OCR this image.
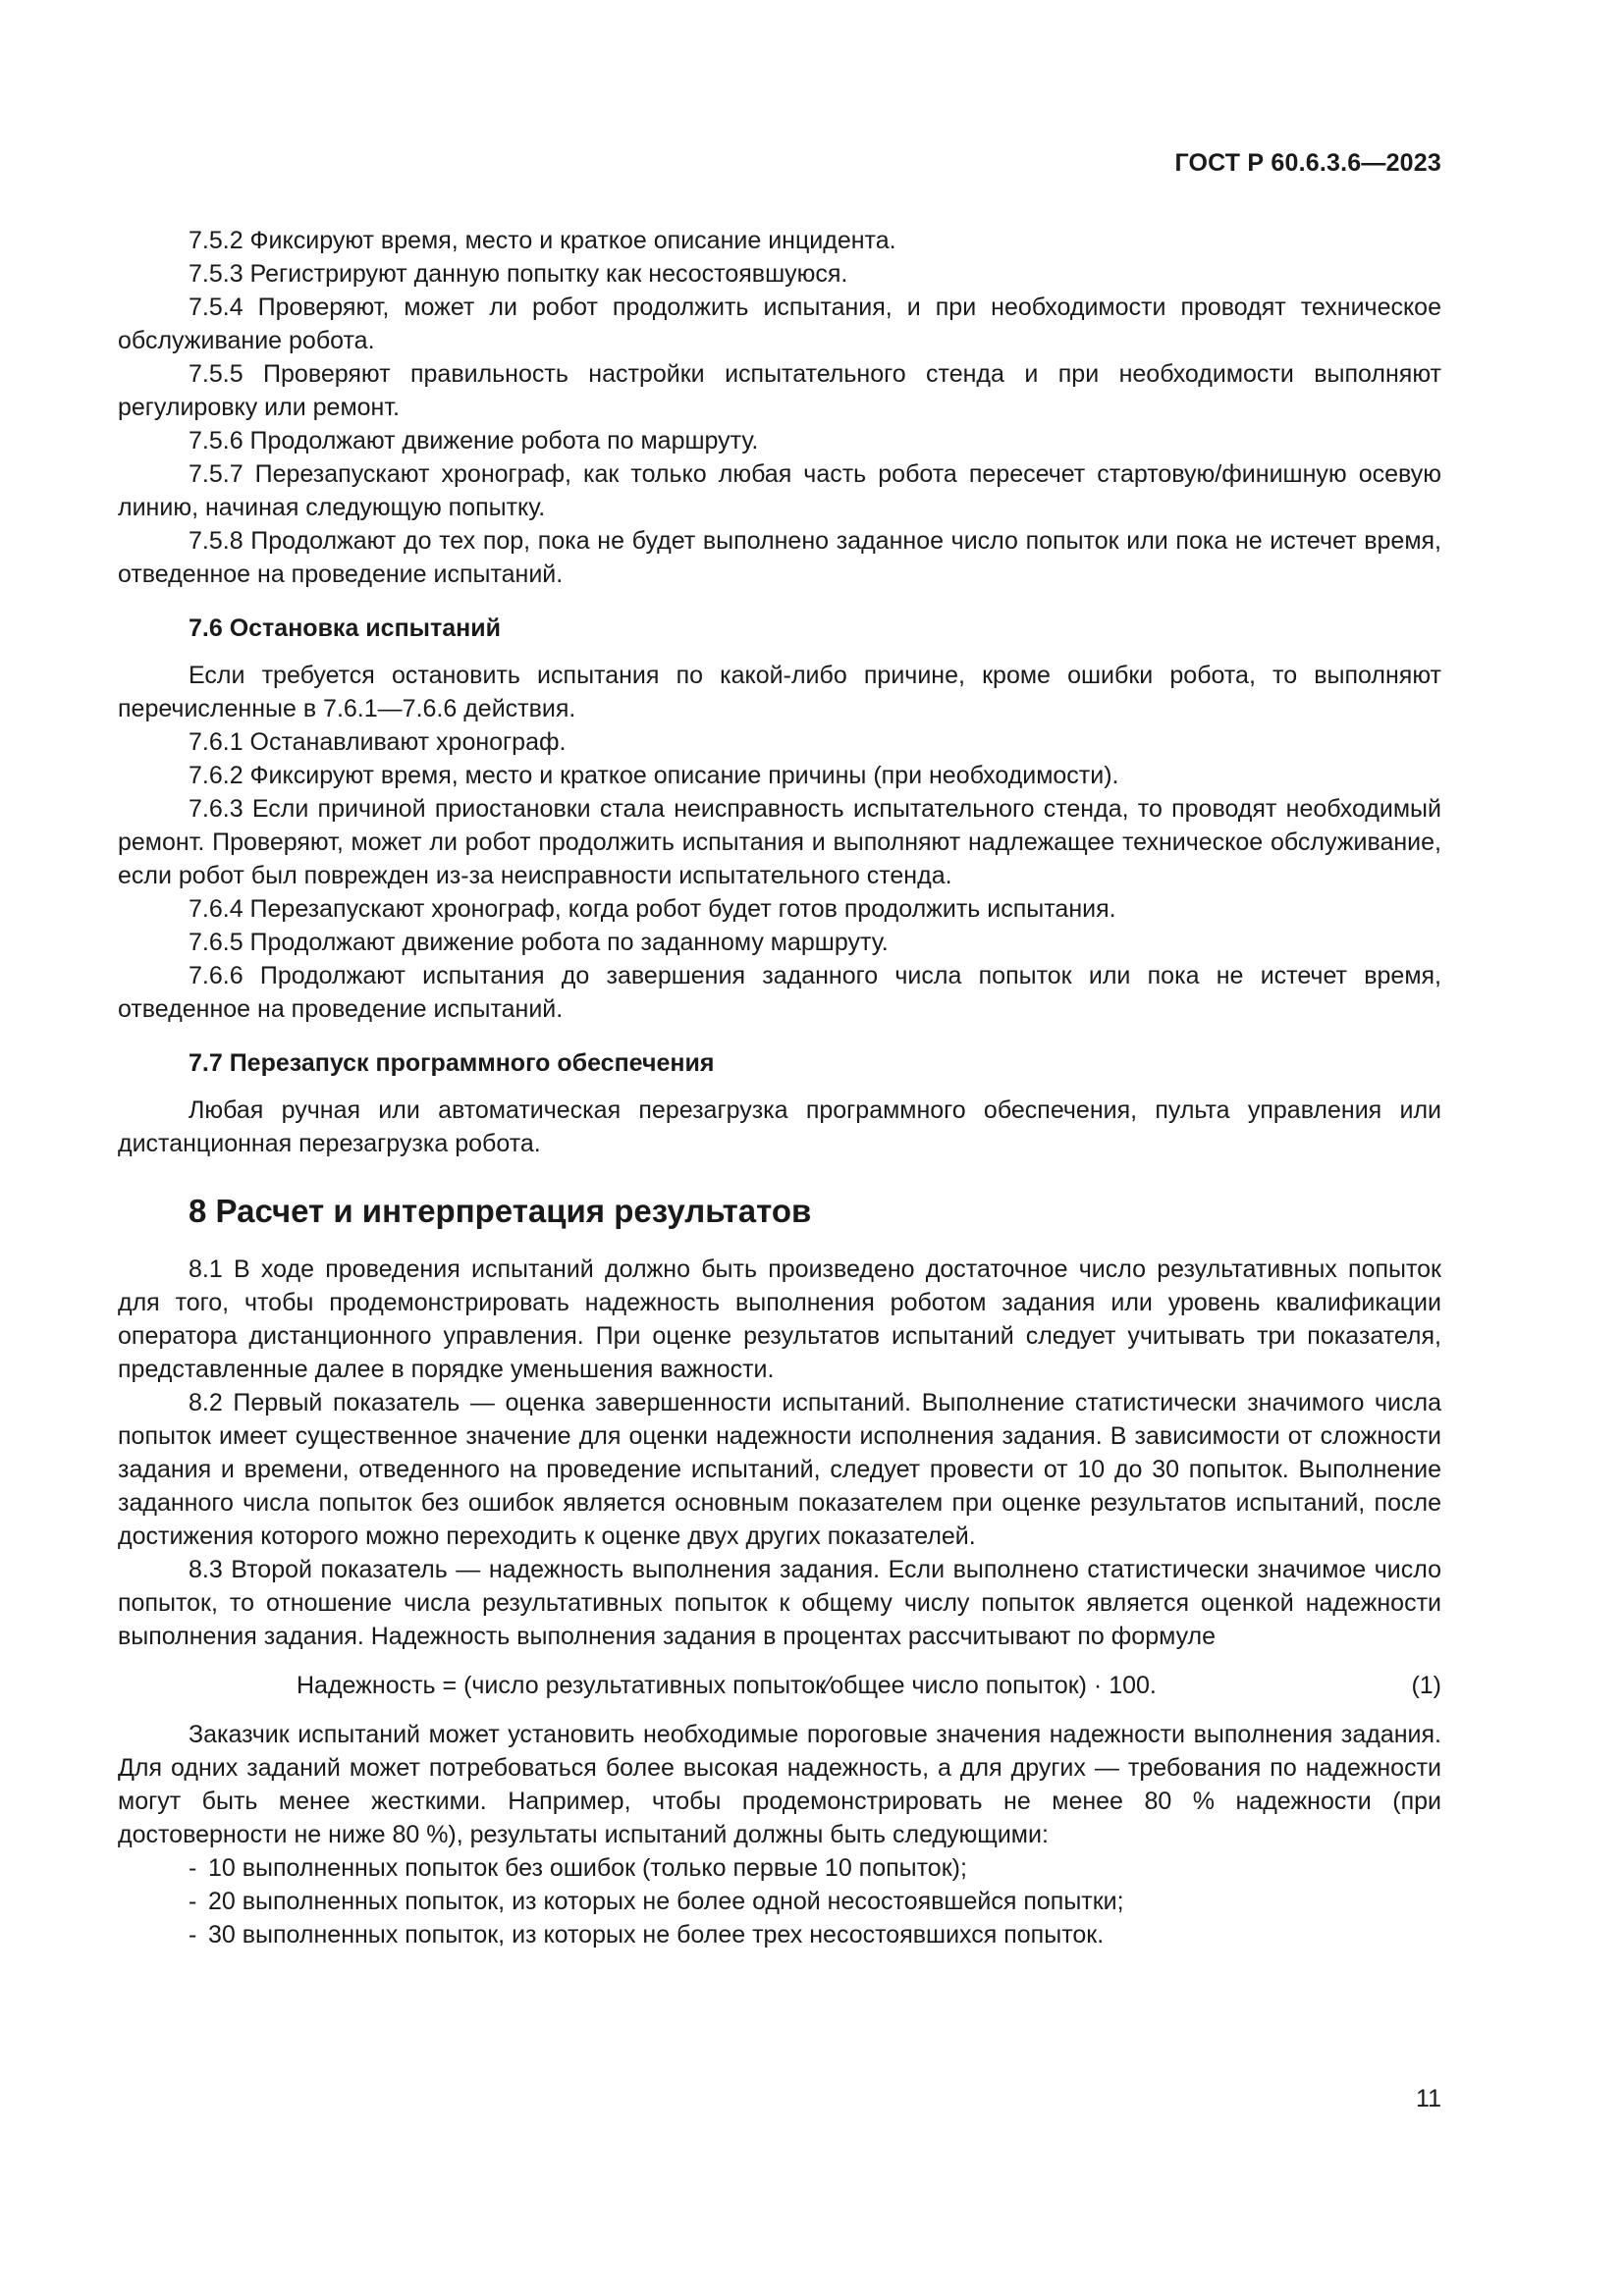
ГОСТ Р 60.6.3.6—2023

7.5.2 Фиксируют время, место и краткое описание инцидента.

7.5.3 Регистрируют данную попытку как несостоявшуюся.

7.5.4 Проверяют, может ли робот продолжить испытания, и при необходимости проводят техническое обслуживание робота.

7.5.5 Проверяют правильность настройки испытательного стенда и при необходимости выполняют регулировку или ремонт.

7.5.6 Продолжают движение робота по маршруту.

7.5.7 Перезапускают хронограф, как только любая часть робота пересечет стартовую/финишную осевую линию, начиная следующую попытку.

7.5.8 Продолжают до тех пор, пока не будет выполнено заданное число попыток или пока не истечет время, отведенное на проведение испытаний.

7.6 Остановка испытаний

Если требуется остановить испытания по какой-либо причине, кроме ошибки робота, то выполняют перечисленные в 7.6.1—7.6.6 действия.

7.6.1 Останавливают хронограф.

7.6.2 Фиксируют время, место и краткое описание причины (при необходимости).

7.6.3 Если причиной приостановки стала неисправность испытательного стенда, то проводят необходимый ремонт. Проверяют, может ли робот продолжить испытания и выполняют надлежащее техническое обслуживание, если робот был поврежден из-за неисправности испытательного стенда.

7.6.4 Перезапускают хронограф, когда робот будет готов продолжить испытания.

7.6.5 Продолжают движение робота по заданному маршруту.

7.6.6 Продолжают испытания до завершения заданного числа попыток или пока не истечет время, отведенное на проведение испытаний.

7.7 Перезапуск программного обеспечения

Любая ручная или автоматическая перезагрузка программного обеспечения, пульта управления или дистанционная перезагрузка робота.

8 Расчет и интерпретация результатов

8.1 В ходе проведения испытаний должно быть произведено достаточное число результативных попыток для того, чтобы продемонстрировать надежность выполнения роботом задания или уровень квалификации оператора дистанционного управления. При оценке результатов испытаний следует учитывать три показателя, представленные далее в порядке уменьшения важности.

8.2 Первый показатель — оценка завершенности испытаний. Выполнение статистически значимого числа попыток имеет существенное значение для оценки надежности исполнения задания. В зависимости от сложности задания и времени, отведенного на проведение испытаний, следует провести от 10 до 30 попыток. Выполнение заданного числа попыток без ошибок является основным показателем при оценке результатов испытаний, после достижения которого можно переходить к оценке двух других показателей.

8.3 Второй показатель — надежность выполнения задания. Если выполнено статистически значимое число попыток, то отношение числа результативных попыток к общему числу попыток является оценкой надежности выполнения задания. Надежность выполнения задания в процентах рассчитывают по формуле

Надежность = (число результативных попыток⁄общее число попыток) · 100.	(1)

Заказчик испытаний может установить необходимые пороговые значения надежности выполнения задания. Для одних заданий может потребоваться более высокая надежность, а для других — требования по надежности могут быть менее жесткими. Например, чтобы продемонстрировать не менее 80 % надежности (при достоверности не ниже 80 %), результаты испытаний должны быть следующими:

- 10 выполненных попыток без ошибок (только первые 10 попыток);
- 20 выполненных попыток, из которых не более одной несостоявшейся попытки;
- 30 выполненных попыток, из которых не более трех несостоявшихся попыток.
11
